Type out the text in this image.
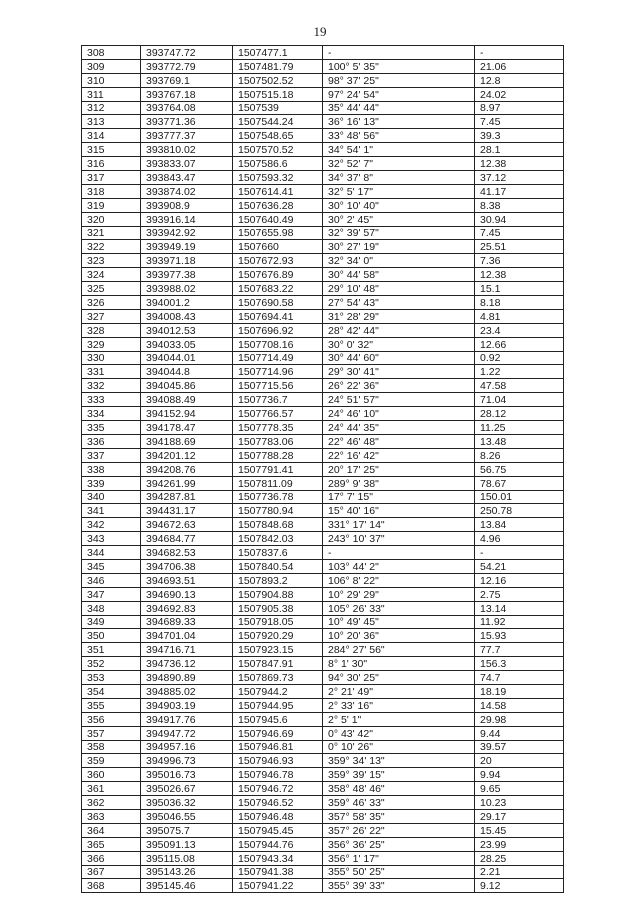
19
308	393747.72	1507477.1	-	-
309	393772.79	1507481.79	100° 5' 35"	21.06
310	393769.1	1507502.52	98° 37' 25"	12.8
311	393767.18	1507515.18	97° 24' 54"	24.02
312	393764.08	1507539	35° 44' 44"	8.97
313	393771.36	1507544.24	36° 16' 13"	7.45
314	393777.37	1507548.65	33° 48' 56"	39.3
315	393810.02	1507570.52	34° 54' 1"	28.1
316	393833.07	1507586.6	32° 52' 7"	12.38
317	393843.47	1507593.32	34° 37' 8"	37.12
318	393874.02	1507614.41	32° 5' 17"	41.17
319	393908.9	1507636.28	30° 10' 40"	8.38
320	393916.14	1507640.49	30° 2' 45"	30.94
321	393942.92	1507655.98	32° 39' 57"	7.45
322	393949.19	1507660	30° 27' 19"	25.51
323	393971.18	1507672.93	32° 34' 0"	7.36
324	393977.38	1507676.89	30° 44' 58"	12.38
325	393988.02	1507683.22	29° 10' 48"	15.1
326	394001.2	1507690.58	27° 54' 43"	8.18
327	394008.43	1507694.41	31° 28' 29"	4.81
328	394012.53	1507696.92	28° 42' 44"	23.4
329	394033.05	1507708.16	30° 0' 32"	12.66
330	394044.01	1507714.49	30° 44' 60"	0.92
331	394044.8	1507714.96	29° 30' 41"	1.22
332	394045.86	1507715.56	26° 22' 36"	47.58
333	394088.49	1507736.7	24° 51' 57"	71.04
334	394152.94	1507766.57	24° 46' 10"	28.12
335	394178.47	1507778.35	24° 44' 35"	11.25
336	394188.69	1507783.06	22° 46' 48"	13.48
337	394201.12	1507788.28	22° 16' 42"	8.26
338	394208.76	1507791.41	20° 17' 25"	56.75
339	394261.99	1507811.09	289° 9' 38"	78.67
340	394287.81	1507736.78	17° 7' 15"	150.01
341	394431.17	1507780.94	15° 40' 16"	250.78
342	394672.63	1507848.68	331° 17' 14"	13.84
343	394684.77	1507842.03	243° 10' 37"	4.96
344	394682.53	1507837.6	-	-
345	394706.38	1507840.54	103° 44' 2"	54.21
346	394693.51	1507893.2	106° 8' 22"	12.16
347	394690.13	1507904.88	10° 29' 29"	2.75
348	394692.83	1507905.38	105° 26' 33"	13.14
349	394689.33	1507918.05	10° 49' 45"	11.92
350	394701.04	1507920.29	10° 20' 36"	15.93
351	394716.71	1507923.15	284° 27' 56"	77.7
352	394736.12	1507847.91	8° 1' 30"	156.3
353	394890.89	1507869.73	94° 30' 25"	74.7
354	394885.02	1507944.2	2° 21' 49"	18.19
355	394903.19	1507944.95	2° 33' 16"	14.58
356	394917.76	1507945.6	2° 5' 1"	29.98
357	394947.72	1507946.69	0° 43' 42"	9.44
358	394957.16	1507946.81	0° 10' 26"	39.57
359	394996.73	1507946.93	359° 34' 13"	20
360	395016.73	1507946.78	359° 39' 15"	9.94
361	395026.67	1507946.72	358° 48' 46"	9.65
362	395036.32	1507946.52	359° 46' 33"	10.23
363	395046.55	1507946.48	357° 58' 35"	29.17
364	395075.7	1507945.45	357° 26' 22"	15.45
365	395091.13	1507944.76	356° 36' 25"	23.99
366	395115.08	1507943.34	356° 1' 17"	28.25
367	395143.26	1507941.38	355° 50' 25"	2.21
368	395145.46	1507941.22	355° 39' 33"	9.12
